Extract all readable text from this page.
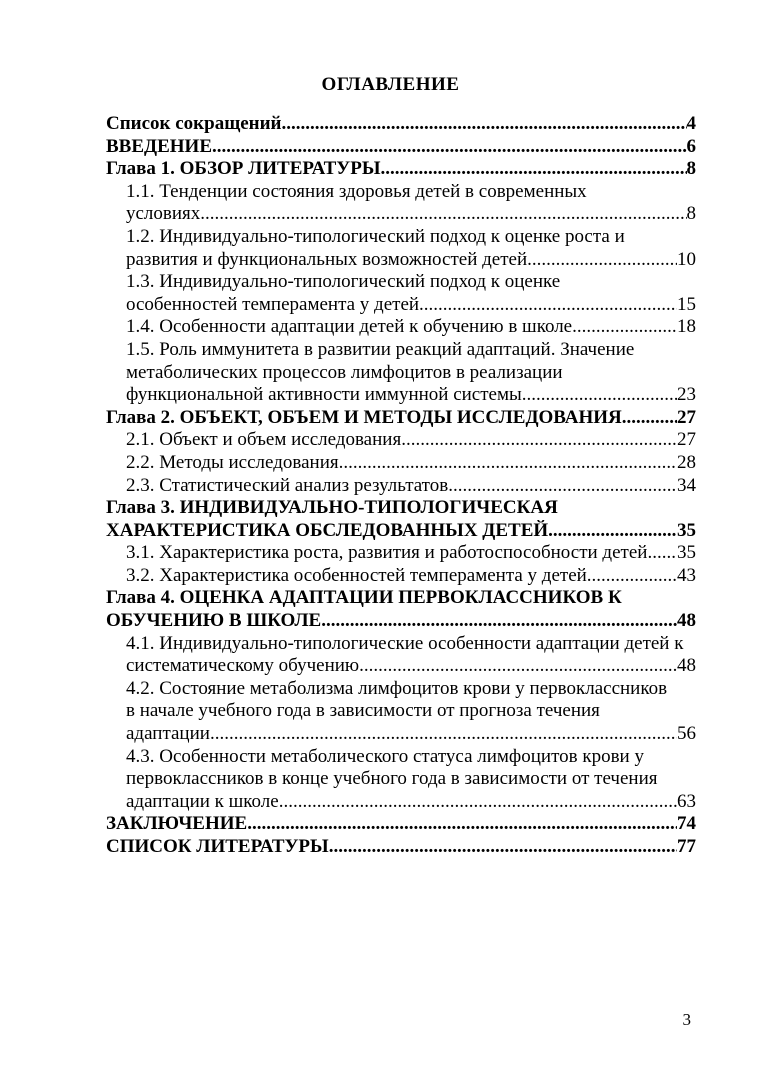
ОГЛАВЛЕНИЕ
Список сокращений .....	4
ВВЕДЕНИЕ .....	6
Глава 1. ОБЗОР ЛИТЕРАТУРЫ .....	8
1.1. Тенденции состояния здоровья детей в современных
условиях .....	8
1.2. Индивидуально-типологический подход к оценке роста и
развития и функциональных возможностей детей .....	10
1.3. Индивидуально-типологический подход к оценке
особенностей темперамента у детей .....	15
1.4. Особенности адаптации детей к обучению в школе .....	18
1.5. Роль иммунитета в развитии реакций адаптаций. Значение
метаболических процессов лимфоцитов в реализации
функциональной активности иммунной системы .....	23
Глава 2. ОБЪЕКТ, ОБЪЕМ И МЕТОДЫ ИССЛЕДОВАНИЯ .....	27
2.1. Объект и объем исследования .....	27
2.2. Методы исследования .....	28
2.3. Статистический анализ результатов .....	34
Глава 3. ИНДИВИДУАЛЬНО-ТИПОЛОГИЧЕСКАЯ
ХАРАКТЕРИСТИКА ОБСЛЕДОВАННЫХ ДЕТЕЙ .....	35
3.1. Характеристика роста, развития и работоспособности детей ..... 35
3.2. Характеристика особенностей темперамента у детей .....	43
Глава 4. ОЦЕНКА АДАПТАЦИИ ПЕРВОКЛАССНИКОВ К
ОБУЧЕНИЮ В ШКОЛЕ .....	48
4.1. Индивидуально-типологические особенности адаптации детей к
систематическому обучению .....	48
4.2. Состояние метаболизма лимфоцитов крови у первоклассников
в начале учебного года в зависимости от прогноза течения
адаптации .....	56
4.3. Особенности метаболического статуса лимфоцитов крови у
первоклассников в конце учебного года в зависимости от течения
адаптации к школе .....	63
ЗАКЛЮЧЕНИЕ .....	74
СПИСОК ЛИТЕРАТУРЫ .....	77
3
